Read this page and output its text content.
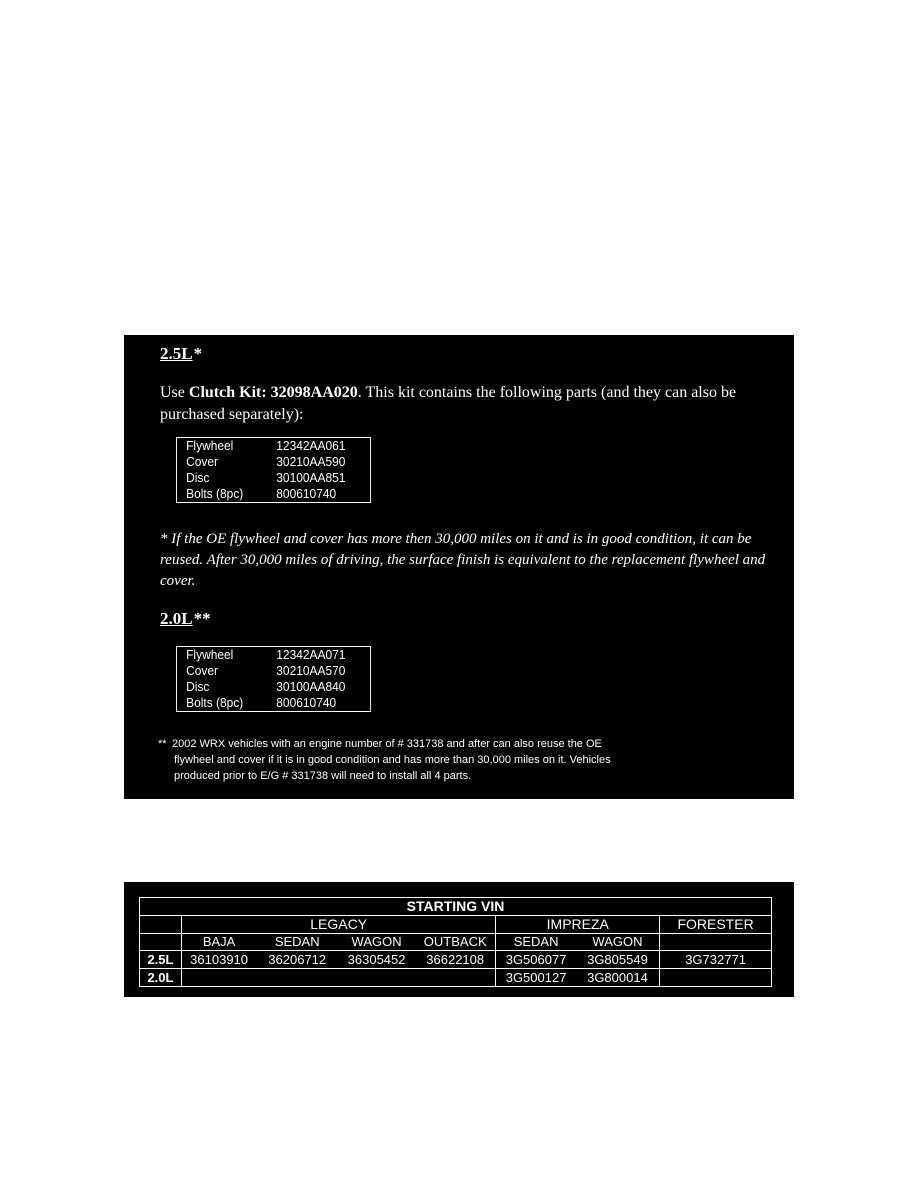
2.5L*
Use Clutch Kit: 32098AA020. This kit contains the following parts (and they can also be purchased separately):
Flywheel	12342AA061
Cover	30210AA590
Disc	30100AA851
Bolts (8pc)	800610740
* If the OE flywheel and cover has more then 30,000 miles on it and is in good condition, it can be reused. After 30,000 miles of driving, the surface finish is equivalent to the replacement flywheel and cover.
2.0L**
Flywheel	12342AA071
Cover	30210AA570
Disc	30100AA840
Bolts (8pc)	800610740
** 2002 WRX vehicles with an engine number of # 331738 and after can also reuse the OE
flywheel and cover if it is in good condition and has more than 30,000 miles on it. Vehicles
produced prior to E/G # 331738 will need to install all 4 parts.
STARTING VIN							
	LEGACY				IMPREZA		FORESTER
	BAJA	SEDAN	WAGON	OUTBACK	SEDAN	WAGON	
2.5L	36103910	36206712	36305452	36622108	3G506077	3G805549	3G732771
2.0L					3G500127	3G800014	
